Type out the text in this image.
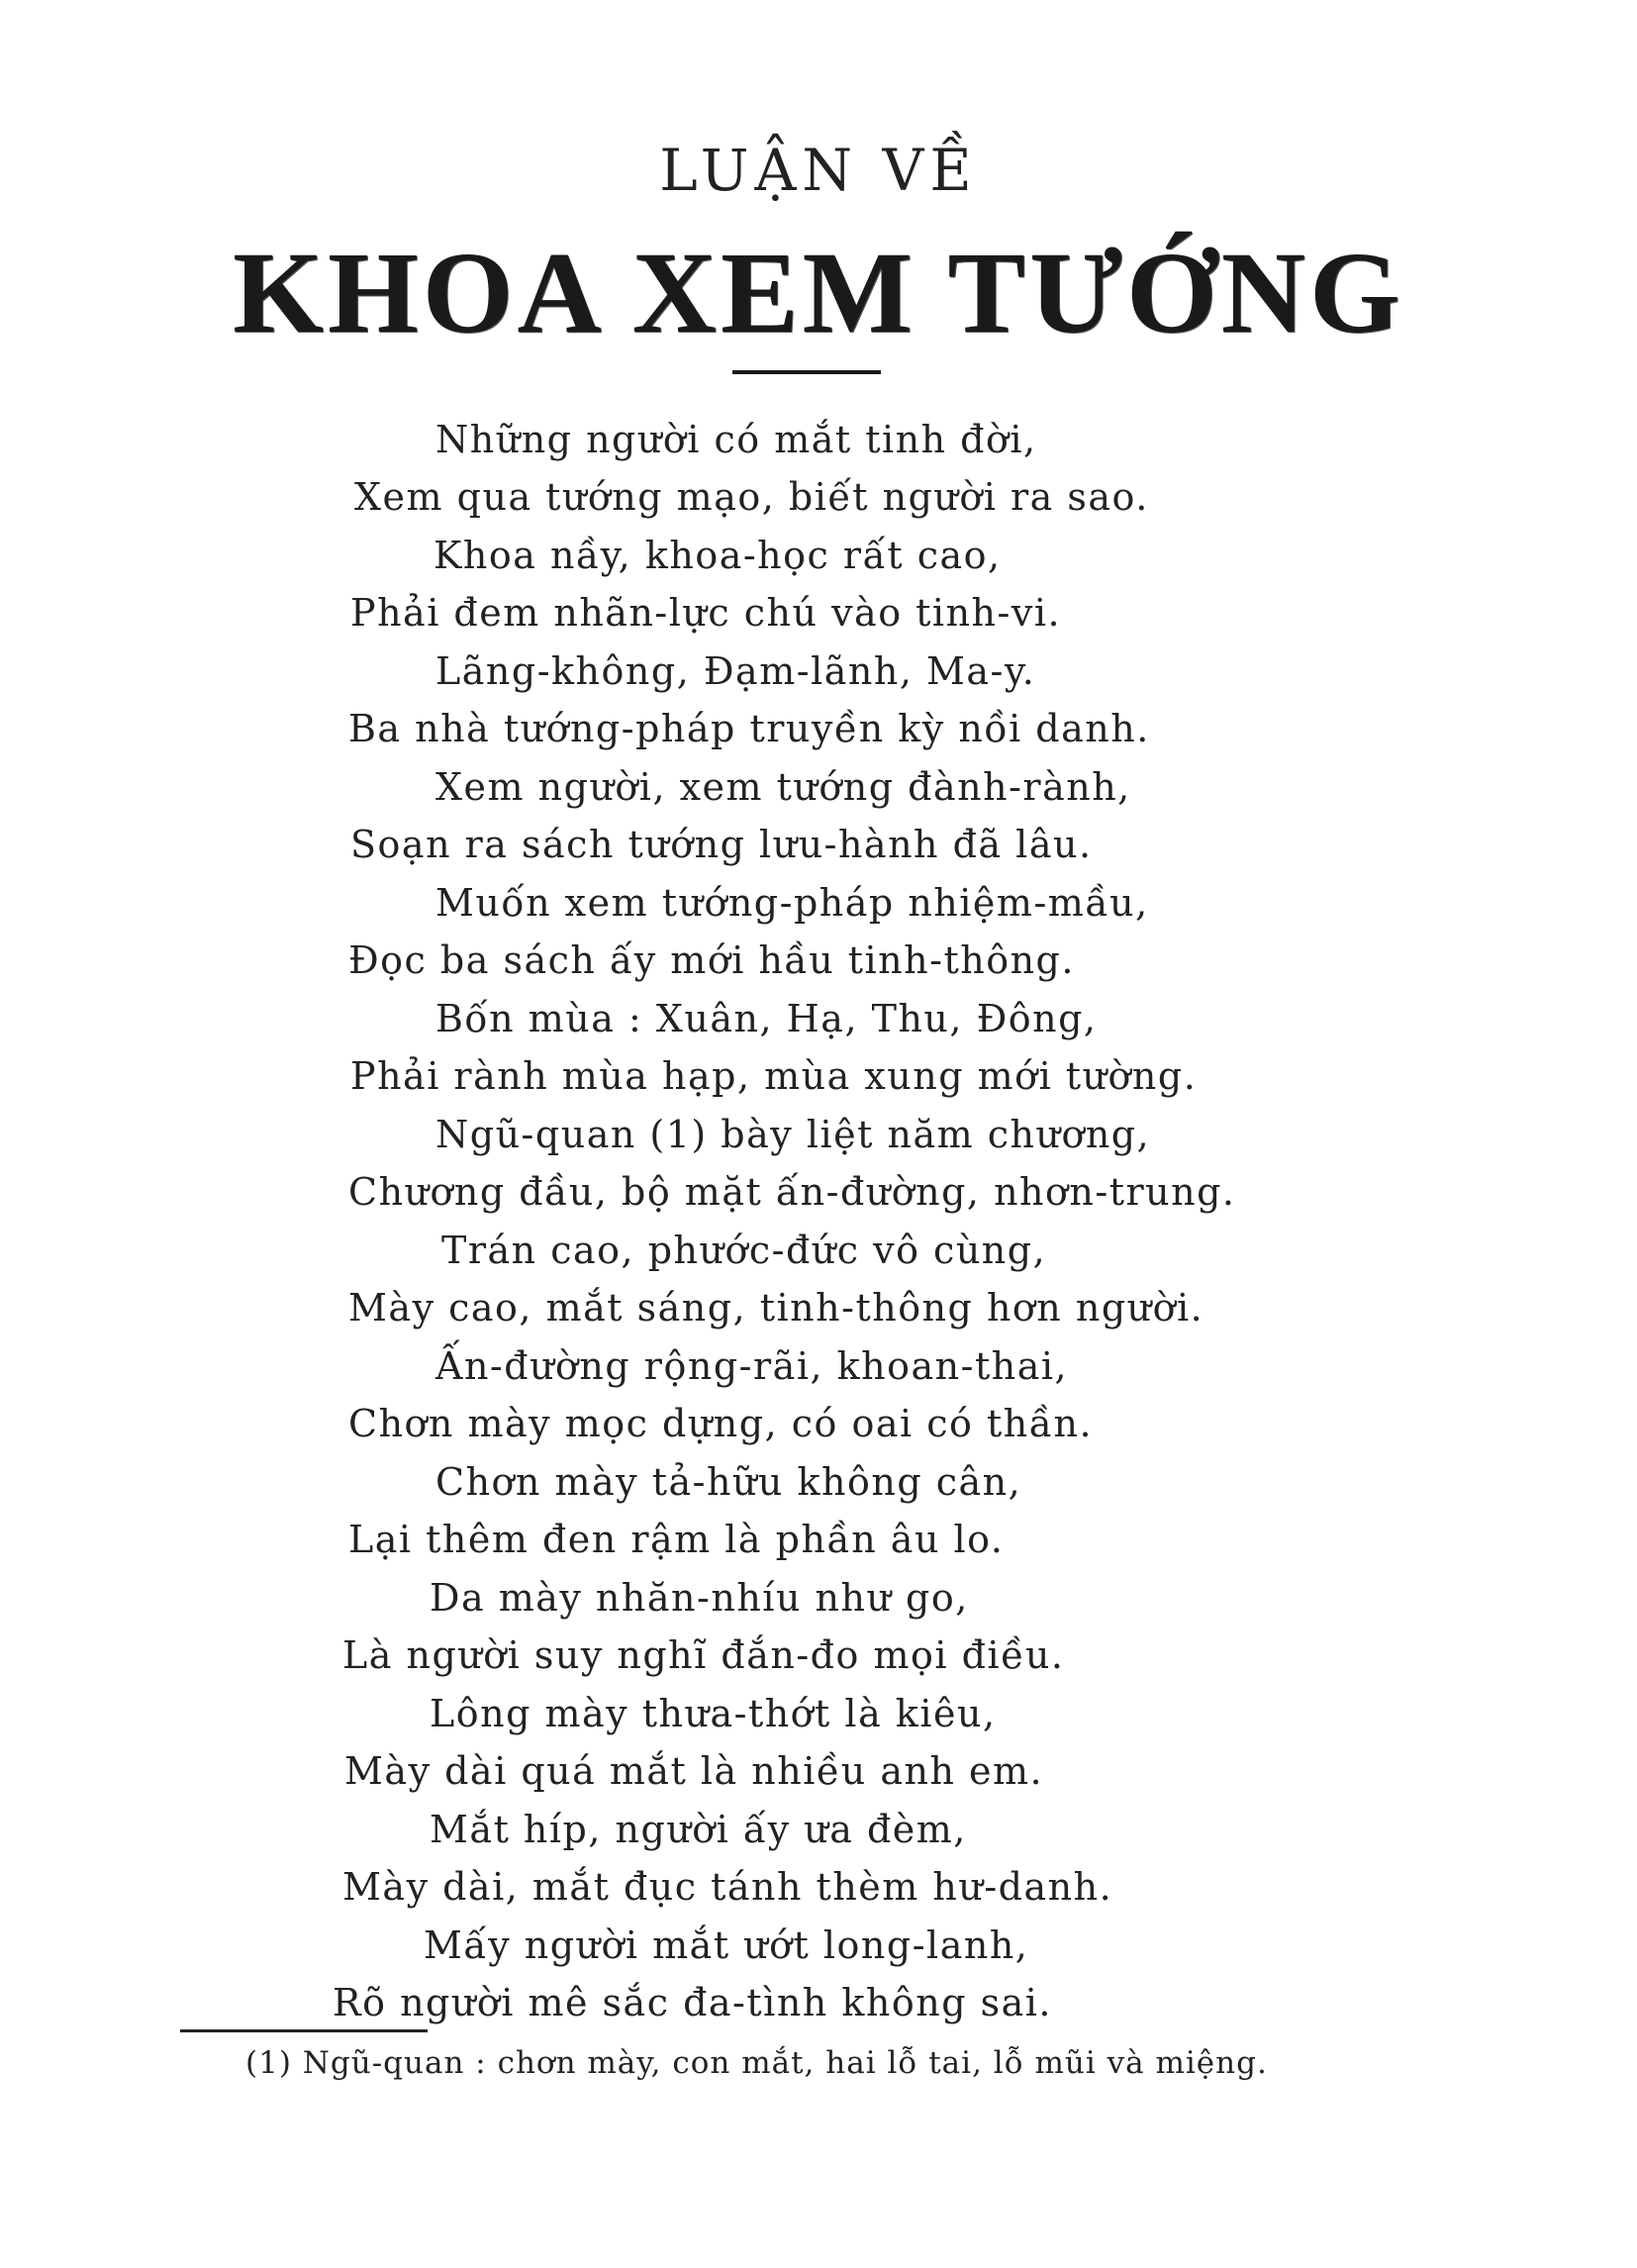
LUẬN VỀ
KHOA XEM TƯỚNG
Những người có mắt tinh đời,
Xem qua tướng mạo, biết người ra sao.
Khoa nầy, khoa-học rất cao,
Phải đem nhãn-lực chú vào tinh-vi.
Lãng-không, Đạm-lãnh, Ma-y.
Ba nhà tướng-pháp truyền kỳ nồi danh.
Xem người, xem tướng đành-rành,
Soạn ra sách tướng lưu-hành đã lâu.
Muốn xem tướng-pháp nhiệm-mầu,
Đọc ba sách ấy mới hầu tinh-thông.
Bốn mùa : Xuân, Hạ, Thu, Đông,
Phải rành mùa hạp, mùa xung mới tường.
Ngũ-quan (1) bày liệt năm chương,
Chương đầu, bộ mặt ấn-đường, nhơn-trung.
Trán cao, phước-đức vô cùng,
Mày cao, mắt sáng, tinh-thông hơn người.
Ấn-đường rộng-rãi, khoan-thai,
Chơn mày mọc dựng, có oai có thần.
Chơn mày tả-hữu không cân,
Lại thêm đen rậm là phần âu lo.
Da mày nhăn-nhíu như go,
Là người suy nghĩ đắn-đo mọi điều.
Lông mày thưa-thớt là kiêu,
Mày dài quá mắt là nhiều anh em.
Mắt híp, người ấy ưa đèm,
Mày dài, mắt đục tánh thèm hư-danh.
Mấy người mắt ướt long-lanh,
Rõ người mê sắc đa-tình không sai.
(1) Ngũ-quan : chơn mày, con mắt, hai lỗ tai, lỗ mũi và miệng.
